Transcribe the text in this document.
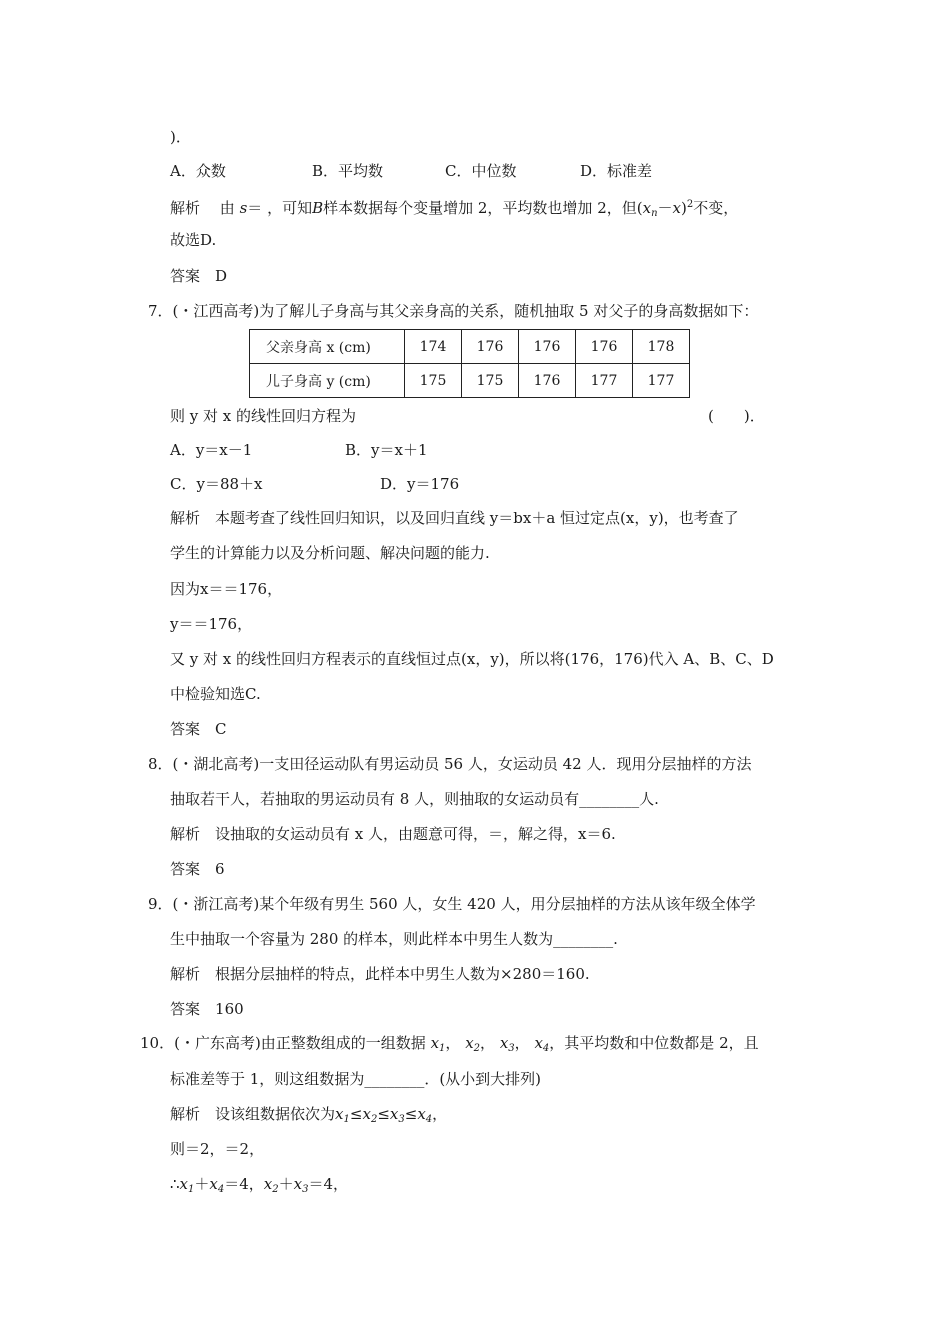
)．
A．众数	B．平均数	C．中位数	D．标准差
解析　 由 s＝ ，可知B样本数据每个变量增加 2，平均数也增加 2，但$(x_n-x)^2$不变，
故选D.
答案　 D
7．(・江西高考)为了解儿子身高与其父亲身高的关系，随机抽取 5 对父子的身高数据如下：
父亲身高 x (cm)	174	176	176	176	178
儿子身高 y (cm)	175	175	176	177	177
则 y 对 x 的线性回归方程为	(　　)．
A．y＝x－1	B．y＝x＋1
C．y＝88＋x	D．y＝176
解析　 本题考查了线性回归知识，以及回归直线 y＝bx＋a 恒过定点(x，y)，也考查了
学生的计算能力以及分析问题、解决问题的能力.
因为x＝＝176，
y＝＝176，
又 y 对 x 的线性回归方程表示的直线恒过点(x，y)，所以将(176，176)代入 A、B、C、D
中检验知选C.
答案　 C
8．(・湖北高考)一支田径运动队有男运动员 56 人，女运动员 42 人．现用分层抽样的方法
抽取若干人，若抽取的男运动员有 8 人，则抽取的女运动员有________人.
解析　 设抽取的女运动员有 x 人，由题意可得，＝，解之得，x＝6.
答案　 6
9．(・浙江高考)某个年级有男生 560 人，女生 420 人，用分层抽样的方法从该年级全体学
生中抽取一个容量为 280 的样本，则此样本中男生人数为________.
解析　 根据分层抽样的特点，此样本中男生人数为×280＝160.
答案　 160
10．(・广东高考)由正整数组成的一组数据 $x_1$， $x_2$， $x_3$， $x_4$，其平均数和中位数都是 2，且
标准差等于 1，则这组数据为________．(从小到大排列)
解析　 设该组数据依次为$x_1\le x_2\le x_3\le x_4$，
则＝2，＝2，
$\therefore x_1+x_4=4$，$x_2+x_3=4$，
